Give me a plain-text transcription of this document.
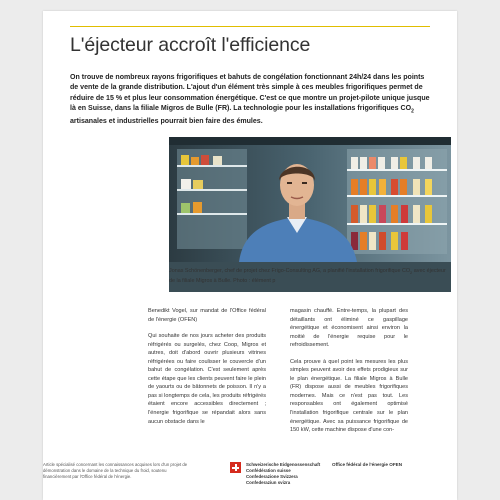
L'éjecteur accroît l'efficience

On trouve de nombreux rayons frigorifiques et bahuts de congélation fonctionnant 24h/24 dans les points de vente de la grande distribution. L'ajout d'un élément très simple à ces meubles frigorifiques permet de réduire de 15 % et plus leur consommation énergétique. C'est ce que montre un projet-pilote unique jusque là en Suisse, dans la filiale Migros de Bulle (FR). La technologie pour les installations frigorifiques $CO_2$ artisanales et industrielles pourrait bien faire des émules.

Jonas Schönenberger, chef de projet chez Frigo-Consulting AG, a planifié l'installation frigorifique $CO_2$ avec éjecteur de la filiale Migros à Bulle. Photo : élément p

Benedikt Vogel, sur mandat de l'Office fédéral de l'énergie (OFEN)

Qui souhaite de nos jours acheter des produits réfrigérés ou surgelés, chez Coop, Migros et autres, doit d'abord ouvrir plusieurs vitrines réfrigérées ou faire coulisser le couvercle d'un bahut de congélation. C'est seulement après cette étape que les clients peuvent faire le plein de yaourts ou de bâtonnets de poisson. Il n'y a pas si longtemps de cela, les produits réfrigérés étaient encore accessibles directement ; l'énergie frigorifique se répandait alors sans aucun obstacle dans le

magasin chauffé. Entre-temps, la plupart des détaillants ont éliminé ce gaspillage énergétique et économisent ainsi environ la moitié de l'énergie requise pour le refroidissement.

Cela prouve à quel point les mesures les plus simples peuvent avoir des effets prodigieux sur le plan énergétique. La filiale Migros à Bulle (FR) dispose aussi de meubles frigorifiques modernes. Mais ce n'est pas tout. Les responsables ont également optimisé l'installation frigorifique centrale sur le plan énergétique. Avec sa puissance frigorifique de 150 kW, cette machine dispose d'une con-

Article spécialisé concernant les connaissances acquises lors d'un projet de démonstration dans le domaine de la technique du froid, soutenu financièrement par l'Office fédéral de l'énergie.

Schweizerische Eidgenossenschaft
Confédération suisse
Confederazione Svizzera
Confederaziun svizra
Office fédéral de l'énergie OFEN
